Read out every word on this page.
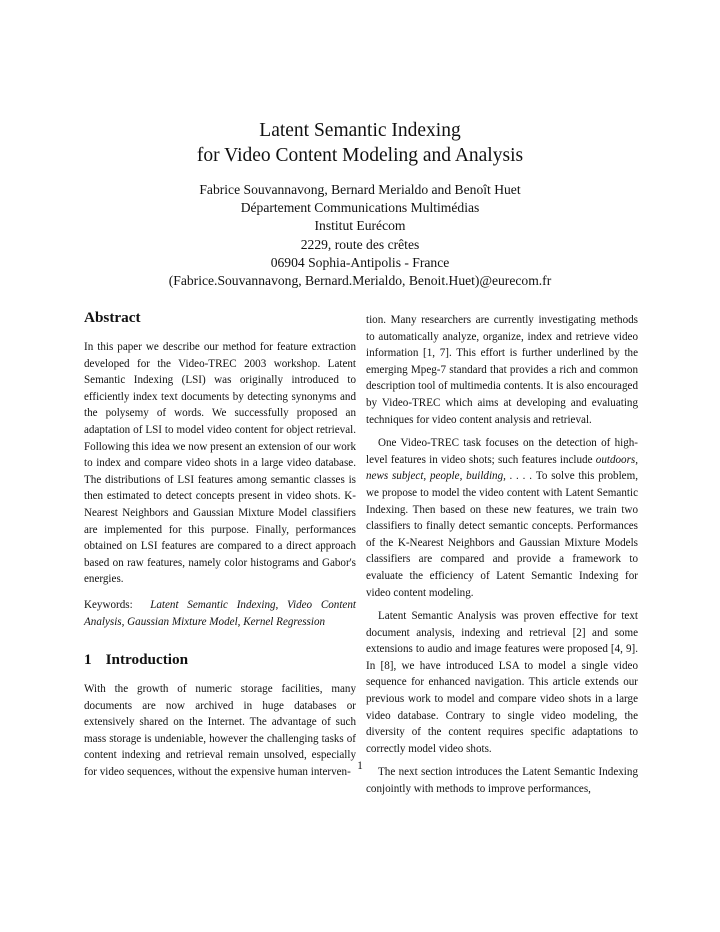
Latent Semantic Indexing
for Video Content Modeling and Analysis
Fabrice Souvannavong, Bernard Merialdo and Benoît Huet
Département Communications Multimédias
Institut Eurécom
2229, route des crêtes
06904 Sophia-Antipolis - France
(Fabrice.Souvannavong, Bernard.Merialdo, Benoit.Huet)@eurecom.fr
Abstract

In this paper we describe our method for feature extraction developed for the Video-TREC 2003 workshop. Latent Semantic Indexing (LSI) was originally introduced to efficiently index text documents by detecting synonyms and the polysemy of words. We successfully proposed an adaptation of LSI to model video content for object retrieval. Following this idea we now present an extension of our work to index and compare video shots in a large video database. The distributions of LSI features among semantic classes is then estimated to detect concepts present in video shots. K-Nearest Neighbors and Gaussian Mixture Model classifiers are implemented for this purpose. Finally, performances obtained on LSI features are compared to a direct approach based on raw features, namely color histograms and Gabor's energies.

Keywords: Latent Semantic Indexing, Video Content Analysis, Gaussian Mixture Model, Kernel Regression

1 Introduction

With the growth of numeric storage facilities, many documents are now archived in huge databases or extensively shared on the Internet. The advantage of such mass storage is undeniable, however the challenging tasks of content indexing and retrieval remain unsolved, especially for video sequences, without the expensive human interven-

tion. Many researchers are currently investigating methods to automatically analyze, organize, index and retrieve video information [1, 7]. This effort is further underlined by the emerging Mpeg-7 standard that provides a rich and common description tool of multimedia contents. It is also encouraged by Video-TREC which aims at developing and evaluating techniques for video content analysis and retrieval.

One Video-TREC task focuses on the detection of high-level features in video shots; such features include outdoors, news subject, people, building, . . . . To solve this problem, we propose to model the video content with Latent Semantic Indexing. Then based on these new features, we train two classifiers to finally detect semantic concepts. Performances of the K-Nearest Neighbors and Gaussian Mixture Models classifiers are compared and provide a framework to evaluate the efficiency of Latent Semantic Indexing for video content modeling.

Latent Semantic Analysis was proven effective for text document analysis, indexing and retrieval [2] and some extensions to audio and image features were proposed [4, 9]. In [8], we have introduced LSA to model a single video sequence for enhanced navigation. This article extends our previous work to model and compare video shots in a large video database. Contrary to single video modeling, the diversity of the content requires specific adaptations to correctly model video shots.

The next section introduces the Latent Semantic Indexing conjointly with methods to improve performances,

1
